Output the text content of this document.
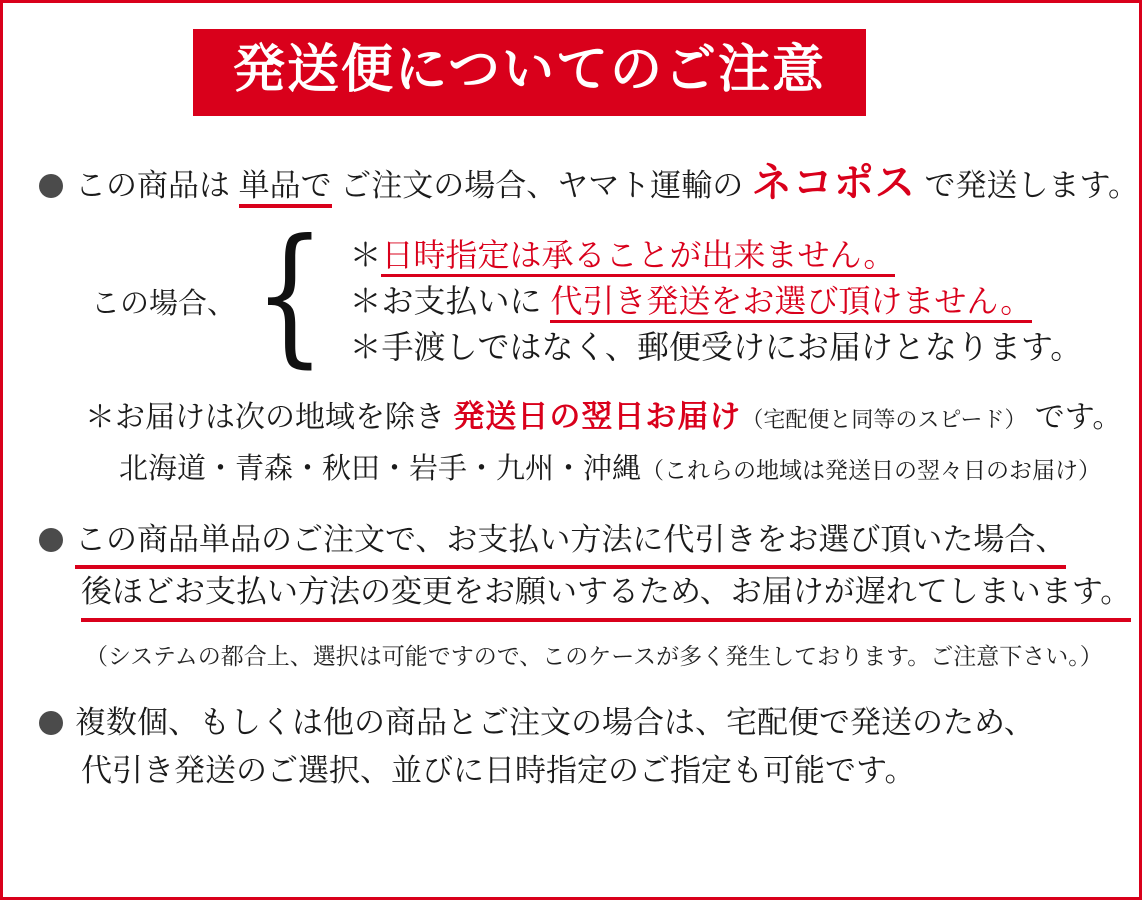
発送便についてのご注意
この商品は 単品で ご注文の場合、ヤマト運輸の ネコポス で発送します。
この場合、 { ＊日時指定は承ることが出来ません。
＊お支払いに 代引き発送をお選び頂けません。
＊手渡しではなく、郵便受けにお届けとなります。
＊お届けは次の地域を除き 発送日の翌日お届け（宅配便と同等のスピード） です。
北海道・青森・秋田・岩手・九州・沖縄（これらの地域は発送日の翌々日のお届け）
この商品単品のご注文で、お支払い方法に代引きをお選び頂いた場合、
後ほどお支払い方法の変更をお願いするため、お届けが遅れてしまいます。
（システムの都合上、選択は可能ですので、このケースが多く発生しております。ご注意下さい。）
複数個、もしくは他の商品とご注文の場合は、宅配便で発送のため、
代引き発送のご選択、並びに日時指定のご指定も可能です。
